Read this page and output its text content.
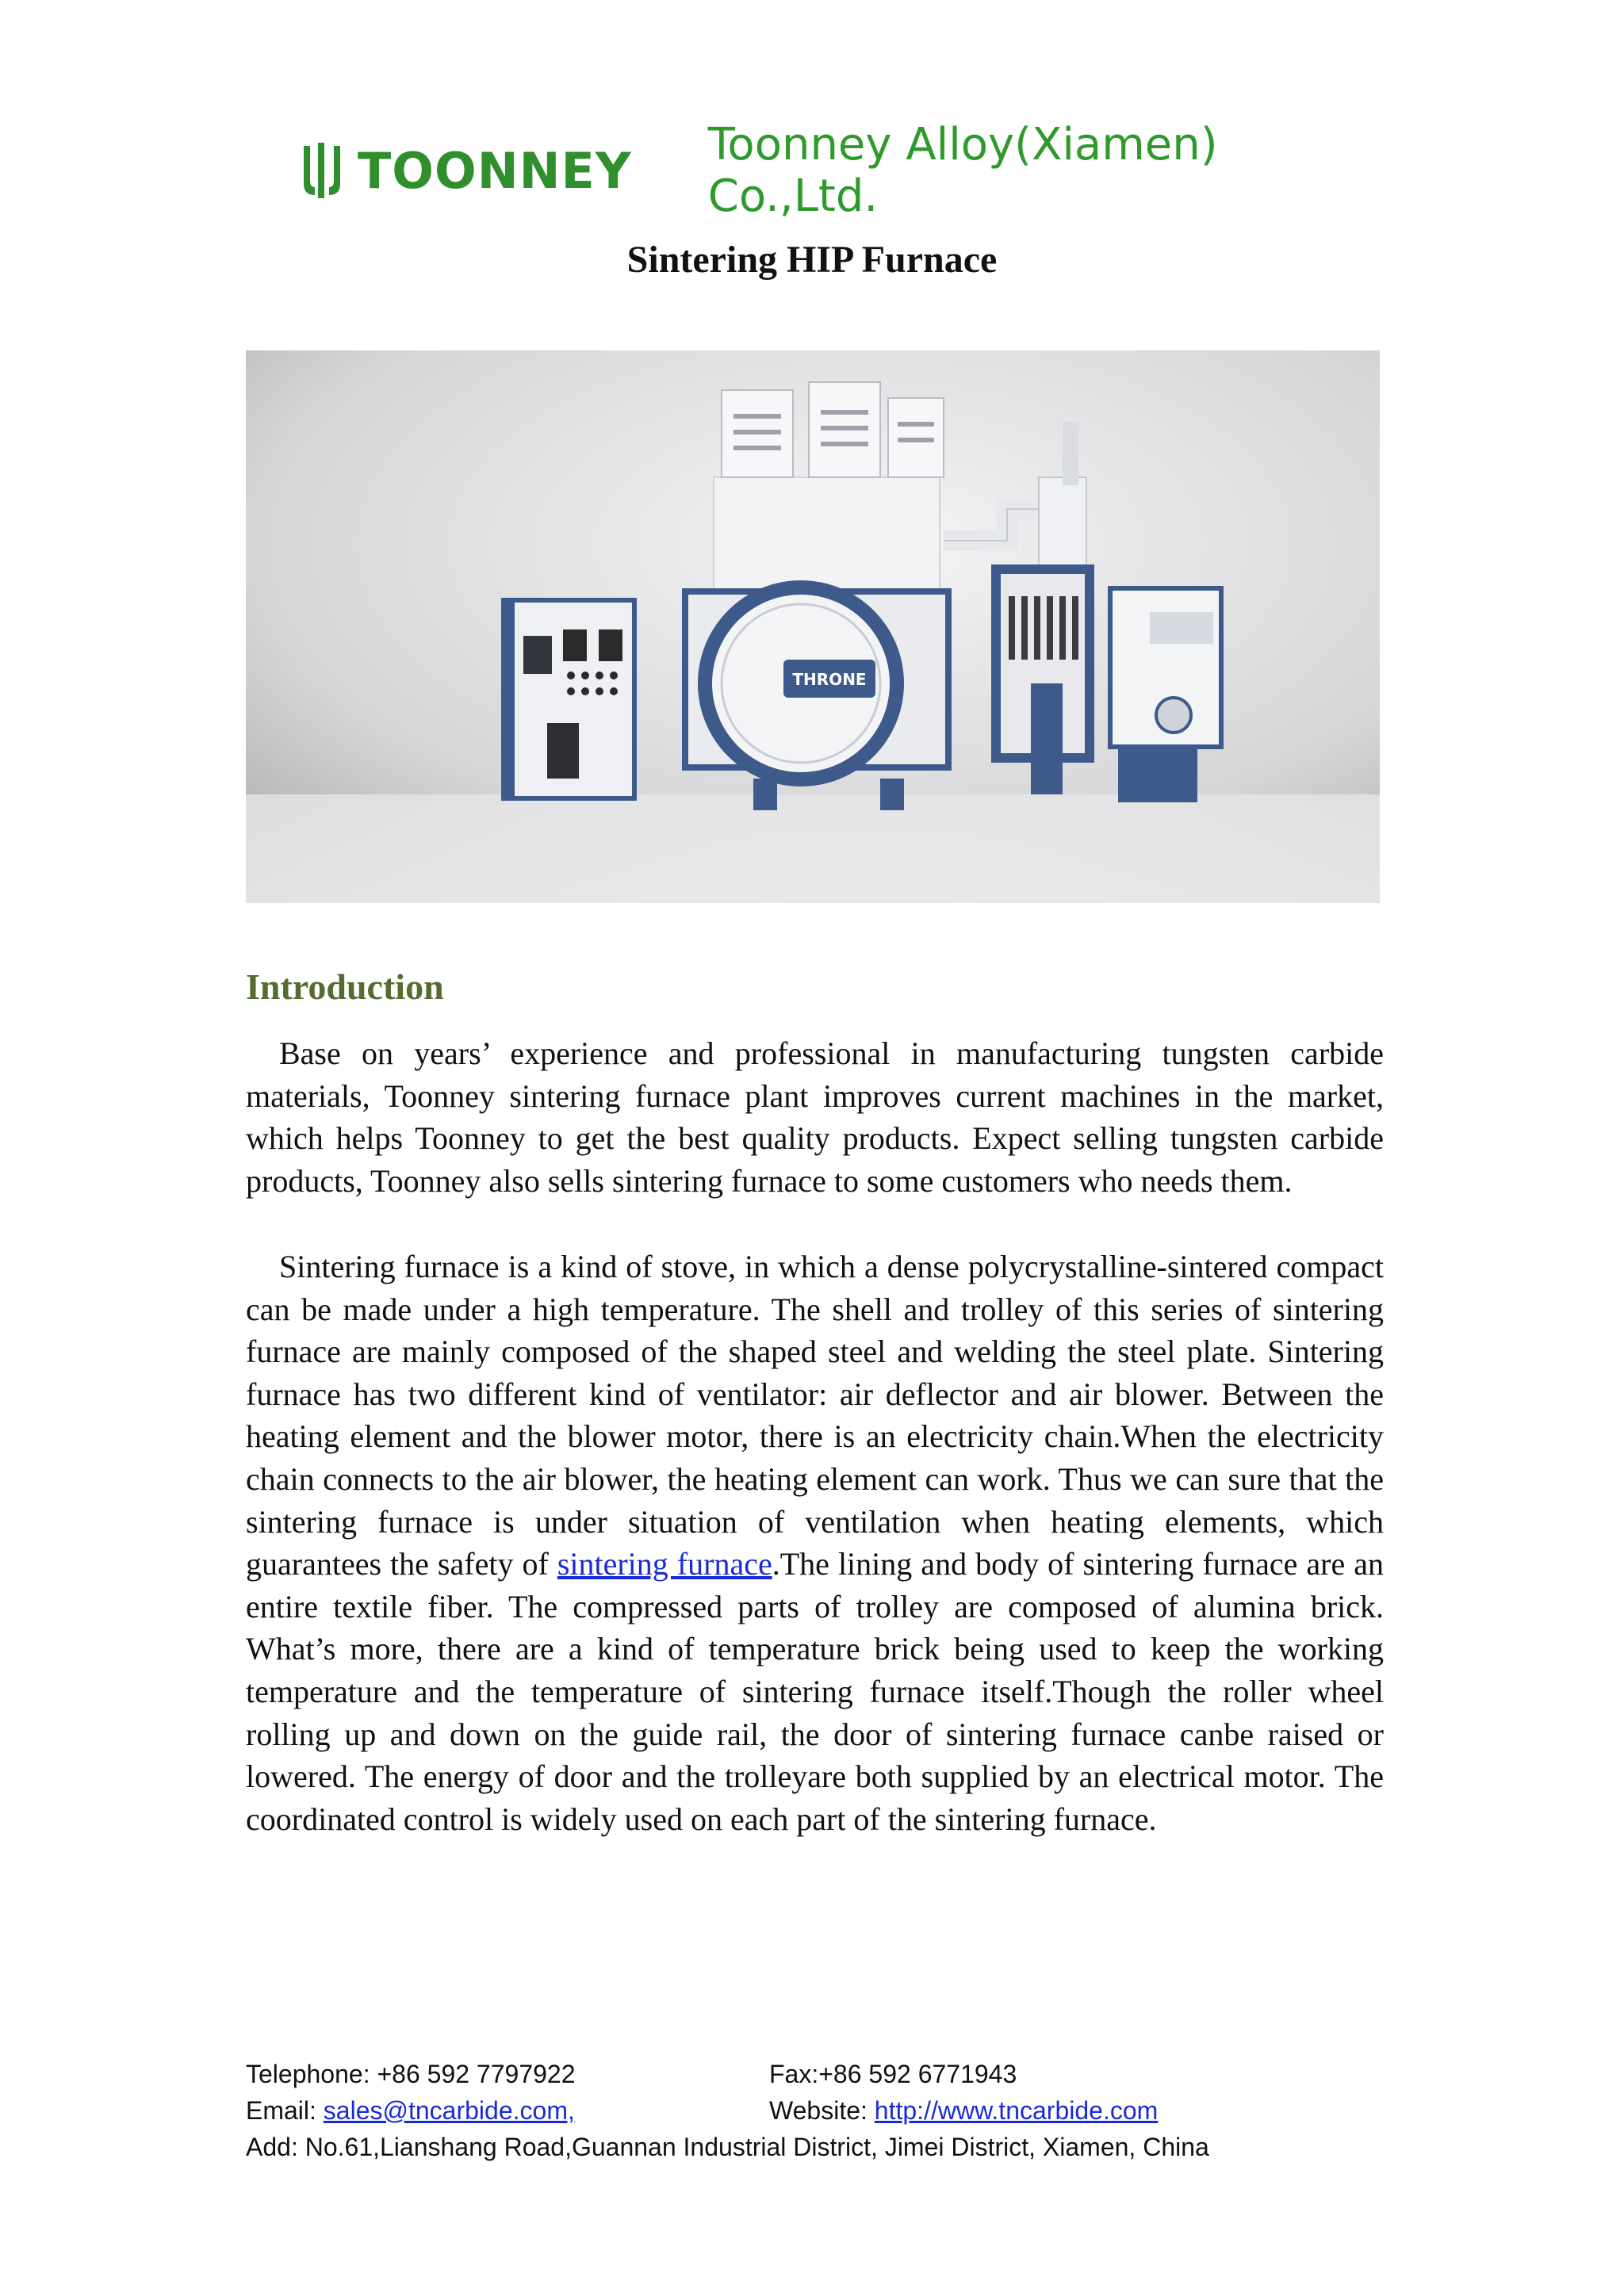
TOONNEY Toonney Alloy(Xiamen) Co.,Ltd.
Sintering HIP Furnace
THRONE
Introduction

Base on years’ experience and professional in manufacturing tungsten carbide materials, Toonney sintering furnace plant improves current machines in the market, which helps Toonney to get the best quality products. Expect selling tungsten carbide products, Toonney also sells sintering furnace to some customers who needs them.

Sintering furnace is a kind of stove, in which a dense polycrystalline-sintered compact can be made under a high temperature. The shell and trolley of this series of sintering furnace are mainly composed of the shaped steel and welding the steel plate. Sintering furnace has two different kind of ventilator: air deflector and air blower. Between the heating element and the blower motor, there is an electricity chain.When the electricity chain connects to the air blower, the heating element can work. Thus we can sure that the sintering furnace is under situation of ventilation when heating elements, which guarantees the safety of sintering furnace.The lining and body of sintering furnace are an entire textile fiber. The compressed parts of trolley are composed of alumina brick. What’s more, there are a kind of temperature brick being used to keep the working temperature and the temperature of sintering furnace itself.Though the roller wheel rolling up and down on the guide rail, the door of sintering furnace canbe raised or lowered. The energy of door and the trolleyare both supplied by an electrical motor. The coordinated control is widely used on each part of the sintering furnace.

Telephone: +86 592 7797922	Fax:+86 592 6771943
Email: sales@tncarbide.com,	Website: http://www.tncarbide.com
Add: No.61,Lianshang Road,Guannan Industrial District, Jimei District, Xiamen, China
